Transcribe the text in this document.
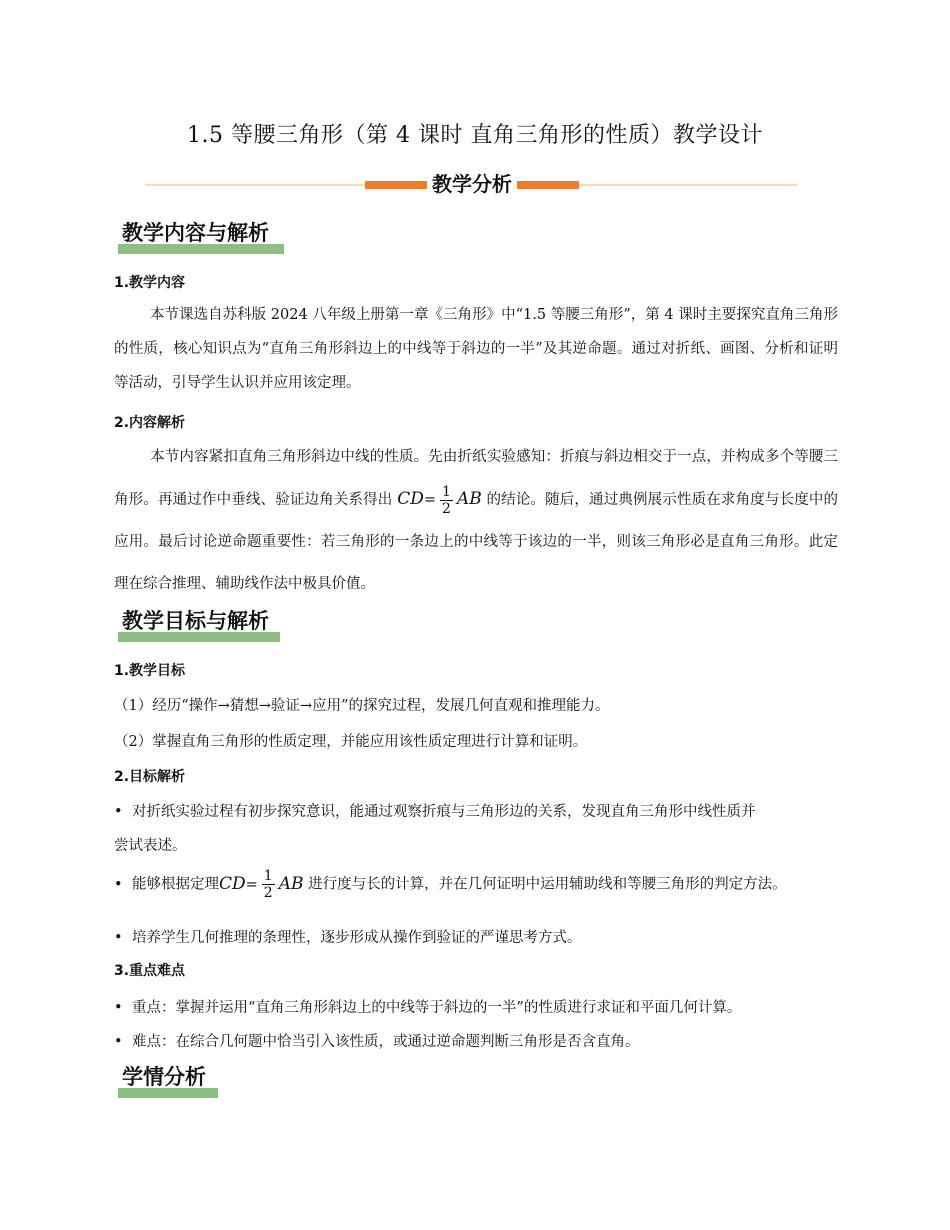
1.5 等腰三角形（第 4 课时 直角三角形的性质）教学设计
教学分析
教学内容与解析
1.教学内容
本节课选自苏科版 2024 八年级上册第一章《三角形》中“1.5 等腰三角形”，第 4 课时主要探究直角三角形的性质，核心知识点为“直角三角形斜边上的中线等于斜边的一半”及其逆命题。通过对折纸、画图、分析和证明等活动，引导学生认识并应用该定理。
2.内容解析
本节内容紧扣直角三角形斜边中线的性质。先由折纸实验感知：折痕与斜边相交于一点，并构成多个等腰三角形。再通过作中垂线、验证边角关系得出 $CD= \frac{1}{2}$ AB 的结论。随后，通过典例展示性质在求角度与长度中的应用。最后讨论逆命题重要性：若三角形的一条边上的中线等于该边的一半，则该三角形必是直角三角形。此定理在综合推理、辅助线作法中极具价值。
教学目标与解析
1.教学目标
（1）经历“操作→猜想→验证→应用”的探究过程，发展几何直观和推理能力。
（2）掌握直角三角形的性质定理，并能应用该性质定理进行计算和证明。
2.目标解析
• 对折纸实验过程有初步探究意识，能通过观察折痕与三角形边的关系，发现直角三角形中线性质并
尝试表述。
• 能够根据定理$CD= \frac{1}{2}$ AB 进行度与长的计算，并在几何证明中运用辅助线和等腰三角形的判定方法。
• 培养学生几何推理的条理性，逐步形成从操作到验证的严谨思考方式。
3.重点难点
• 重点：掌握并运用“直角三角形斜边上的中线等于斜边的一半”的性质进行求证和平面几何计算。
• 难点：在综合几何题中恰当引入该性质，或通过逆命题判断三角形是否含直角。
学情分析
